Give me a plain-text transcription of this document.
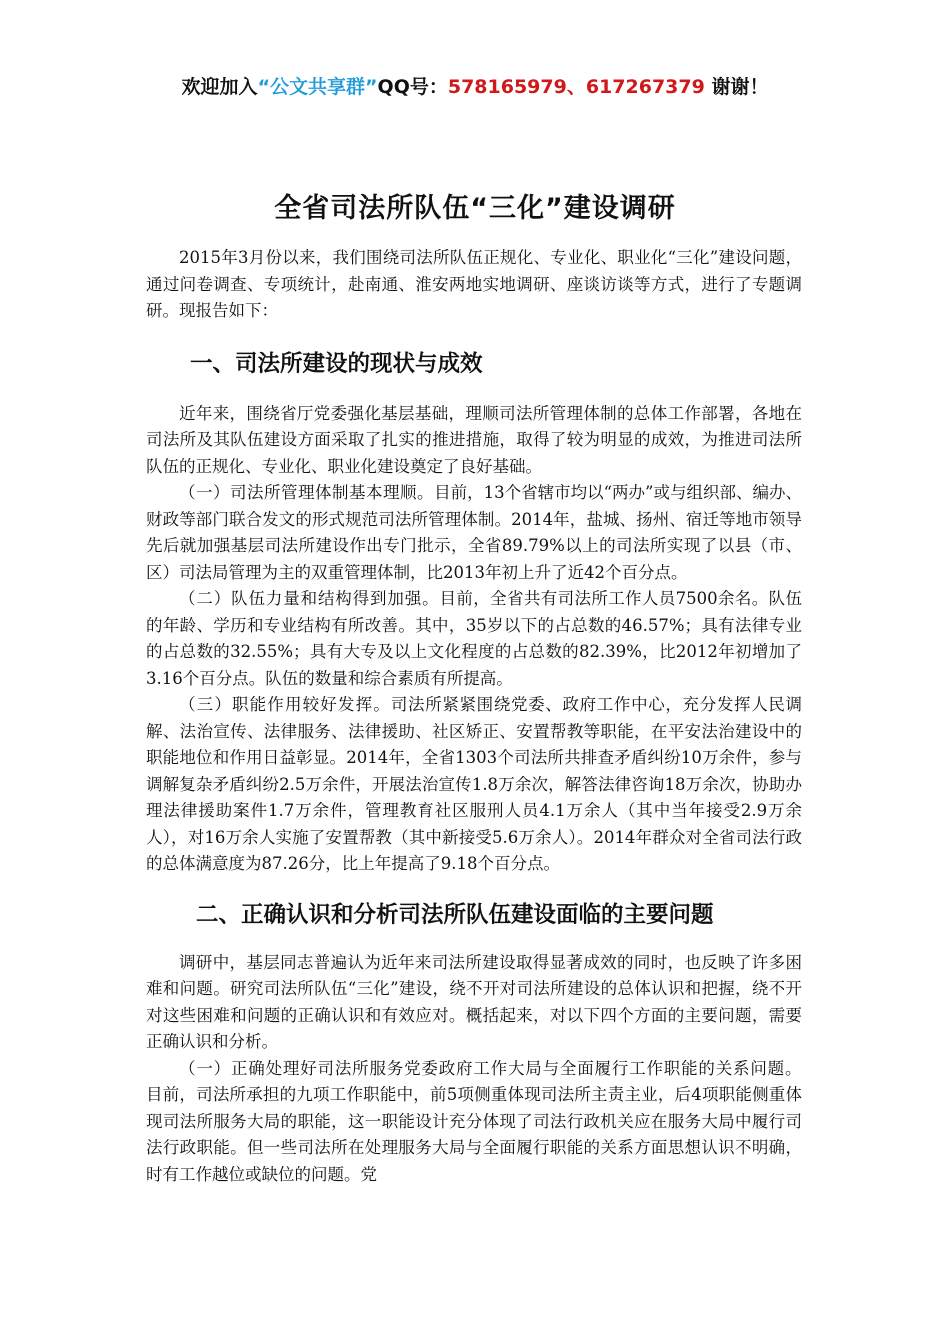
欢迎加入“公文共享群”QQ号：578165979、617267379 谢谢！
全省司法所队伍“三化”建设调研

2015年3月份以来，我们围绕司法所队伍正规化、专业化、职业化“三化”建设问题，通过问卷调查、专项统计，赴南通、淮安两地实地调研、座谈访谈等方式，进行了专题调研。现报告如下：

一、司法所建设的现状与成效

近年来，围绕省厅党委强化基层基础，理顺司法所管理体制的总体工作部署，各地在司法所及其队伍建设方面采取了扎实的推进措施，取得了较为明显的成效，为推进司法所队伍的正规化、专业化、职业化建设奠定了良好基础。

（一）司法所管理体制基本理顺。目前，13个省辖市均以“两办”或与组织部、编办、财政等部门联合发文的形式规范司法所管理体制。2014年，盐城、扬州、宿迁等地市领导先后就加强基层司法所建设作出专门批示，全省89.79%以上的司法所实现了以县（市、区）司法局管理为主的双重管理体制，比2013年初上升了近42个百分点。

（二）队伍力量和结构得到加强。目前，全省共有司法所工作人员7500余名。队伍的年龄、学历和专业结构有所改善。其中，35岁以下的占总数的46.57%；具有法律专业的占总数的32.55%；具有大专及以上文化程度的占总数的82.39%，比2012年初增加了3.16个百分点。队伍的数量和综合素质有所提高。

（三）职能作用较好发挥。司法所紧紧围绕党委、政府工作中心，充分发挥人民调解、法治宣传、法律服务、法律援助、社区矫正、安置帮教等职能，在平安法治建设中的职能地位和作用日益彰显。2014年，全省1303个司法所共排查矛盾纠纷10万余件，参与调解复杂矛盾纠纷2.5万余件，开展法治宣传1.8万余次，解答法律咨询18万余次，协助办理法律援助案件1.7万余件，管理教育社区服刑人员4.1万余人（其中当年接受2.9万余人），对16万余人实施了安置帮教（其中新接受5.6万余人）。2014年群众对全省司法行政的总体满意度为87.26分，比上年提高了9.18个百分点。

二、正确认识和分析司法所队伍建设面临的主要问题

调研中，基层同志普遍认为近年来司法所建设取得显著成效的同时，也反映了许多困难和问题。研究司法所队伍“三化”建设，绕不开对司法所建设的总体认识和把握，绕不开对这些困难和问题的正确认识和有效应对。概括起来，对以下四个方面的主要问题，需要正确认识和分析。

（一）正确处理好司法所服务党委政府工作大局与全面履行工作职能的关系问题。目前，司法所承担的九项工作职能中，前5项侧重体现司法所主责主业，后4项职能侧重体现司法所服务大局的职能，这一职能设计充分体现了司法行政机关应在服务大局中履行司法行政职能。但一些司法所在处理服务大局与全面履行职能的关系方面思想认识不明确，时有工作越位或缺位的问题。党
